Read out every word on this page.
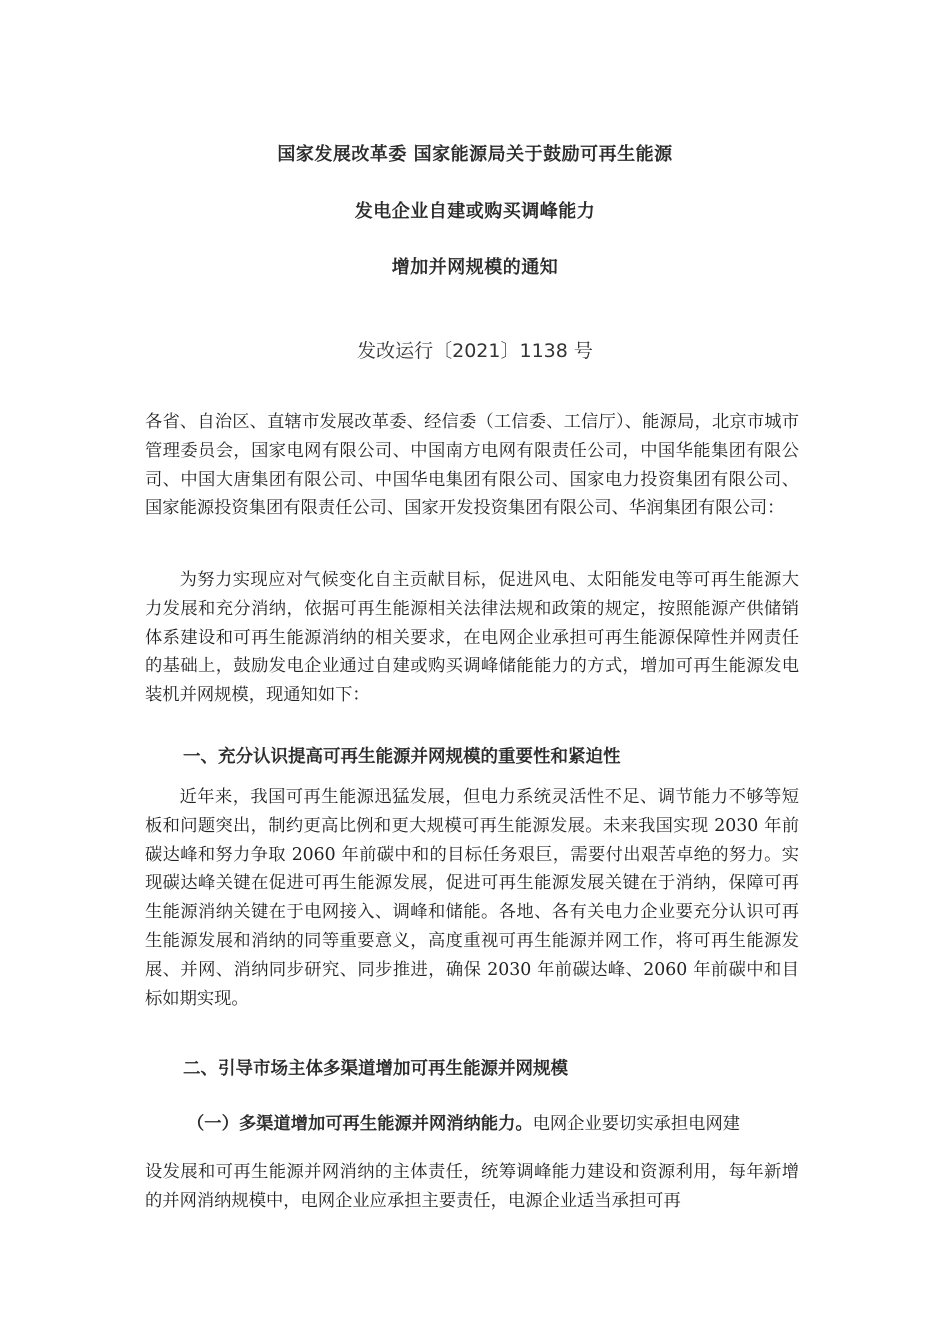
国家发展改革委 国家能源局关于鼓励可再生能源
发电企业自建或购买调峰能力
增加并网规模的通知
发改运行〔2021〕1138 号

各省、自治区、直辖市发展改革委、经信委（工信委、工信厅）、能源局，北京市城市管理委员会，国家电网有限公司、中国南方电网有限责任公司，中国华能集团有限公司、中国大唐集团有限公司、中国华电集团有限公司、国家电力投资集团有限公司、国家能源投资集团有限责任公司、国家开发投资集团有限公司、华润集团有限公司：

为努力实现应对气候变化自主贡献目标，促进风电、太阳能发电等可再生能源大力发展和充分消纳，依据可再生能源相关法律法规和政策的规定，按照能源产供储销体系建设和可再生能源消纳的相关要求，在电网企业承担可再生能源保障性并网责任的基础上，鼓励发电企业通过自建或购买调峰储能能力的方式，增加可再生能源发电装机并网规模，现通知如下：

一、充分认识提高可再生能源并网规模的重要性和紧迫性

近年来，我国可再生能源迅猛发展，但电力系统灵活性不足、调节能力不够等短板和问题突出，制约更高比例和更大规模可再生能源发展。未来我国实现 2030 年前碳达峰和努力争取 2060 年前碳中和的目标任务艰巨，需要付出艰苦卓绝的努力。实现碳达峰关键在促进可再生能源发展，促进可再生能源发展关键在于消纳，保障可再生能源消纳关键在于电网接入、调峰和储能。各地、各有关电力企业要充分认识可再生能源发展和消纳的同等重要意义，高度重视可再生能源并网工作，将可再生能源发展、并网、消纳同步研究、同步推进，确保 2030 年前碳达峰、2060 年前碳中和目标如期实现。

二、引导市场主体多渠道增加可再生能源并网规模

（一）多渠道增加可再生能源并网消纳能力。电网企业要切实承担电网建

设发展和可再生能源并网消纳的主体责任，统筹调峰能力建设和资源利用，每年新增的并网消纳规模中，电网企业应承担主要责任，电源企业适当承担可再
